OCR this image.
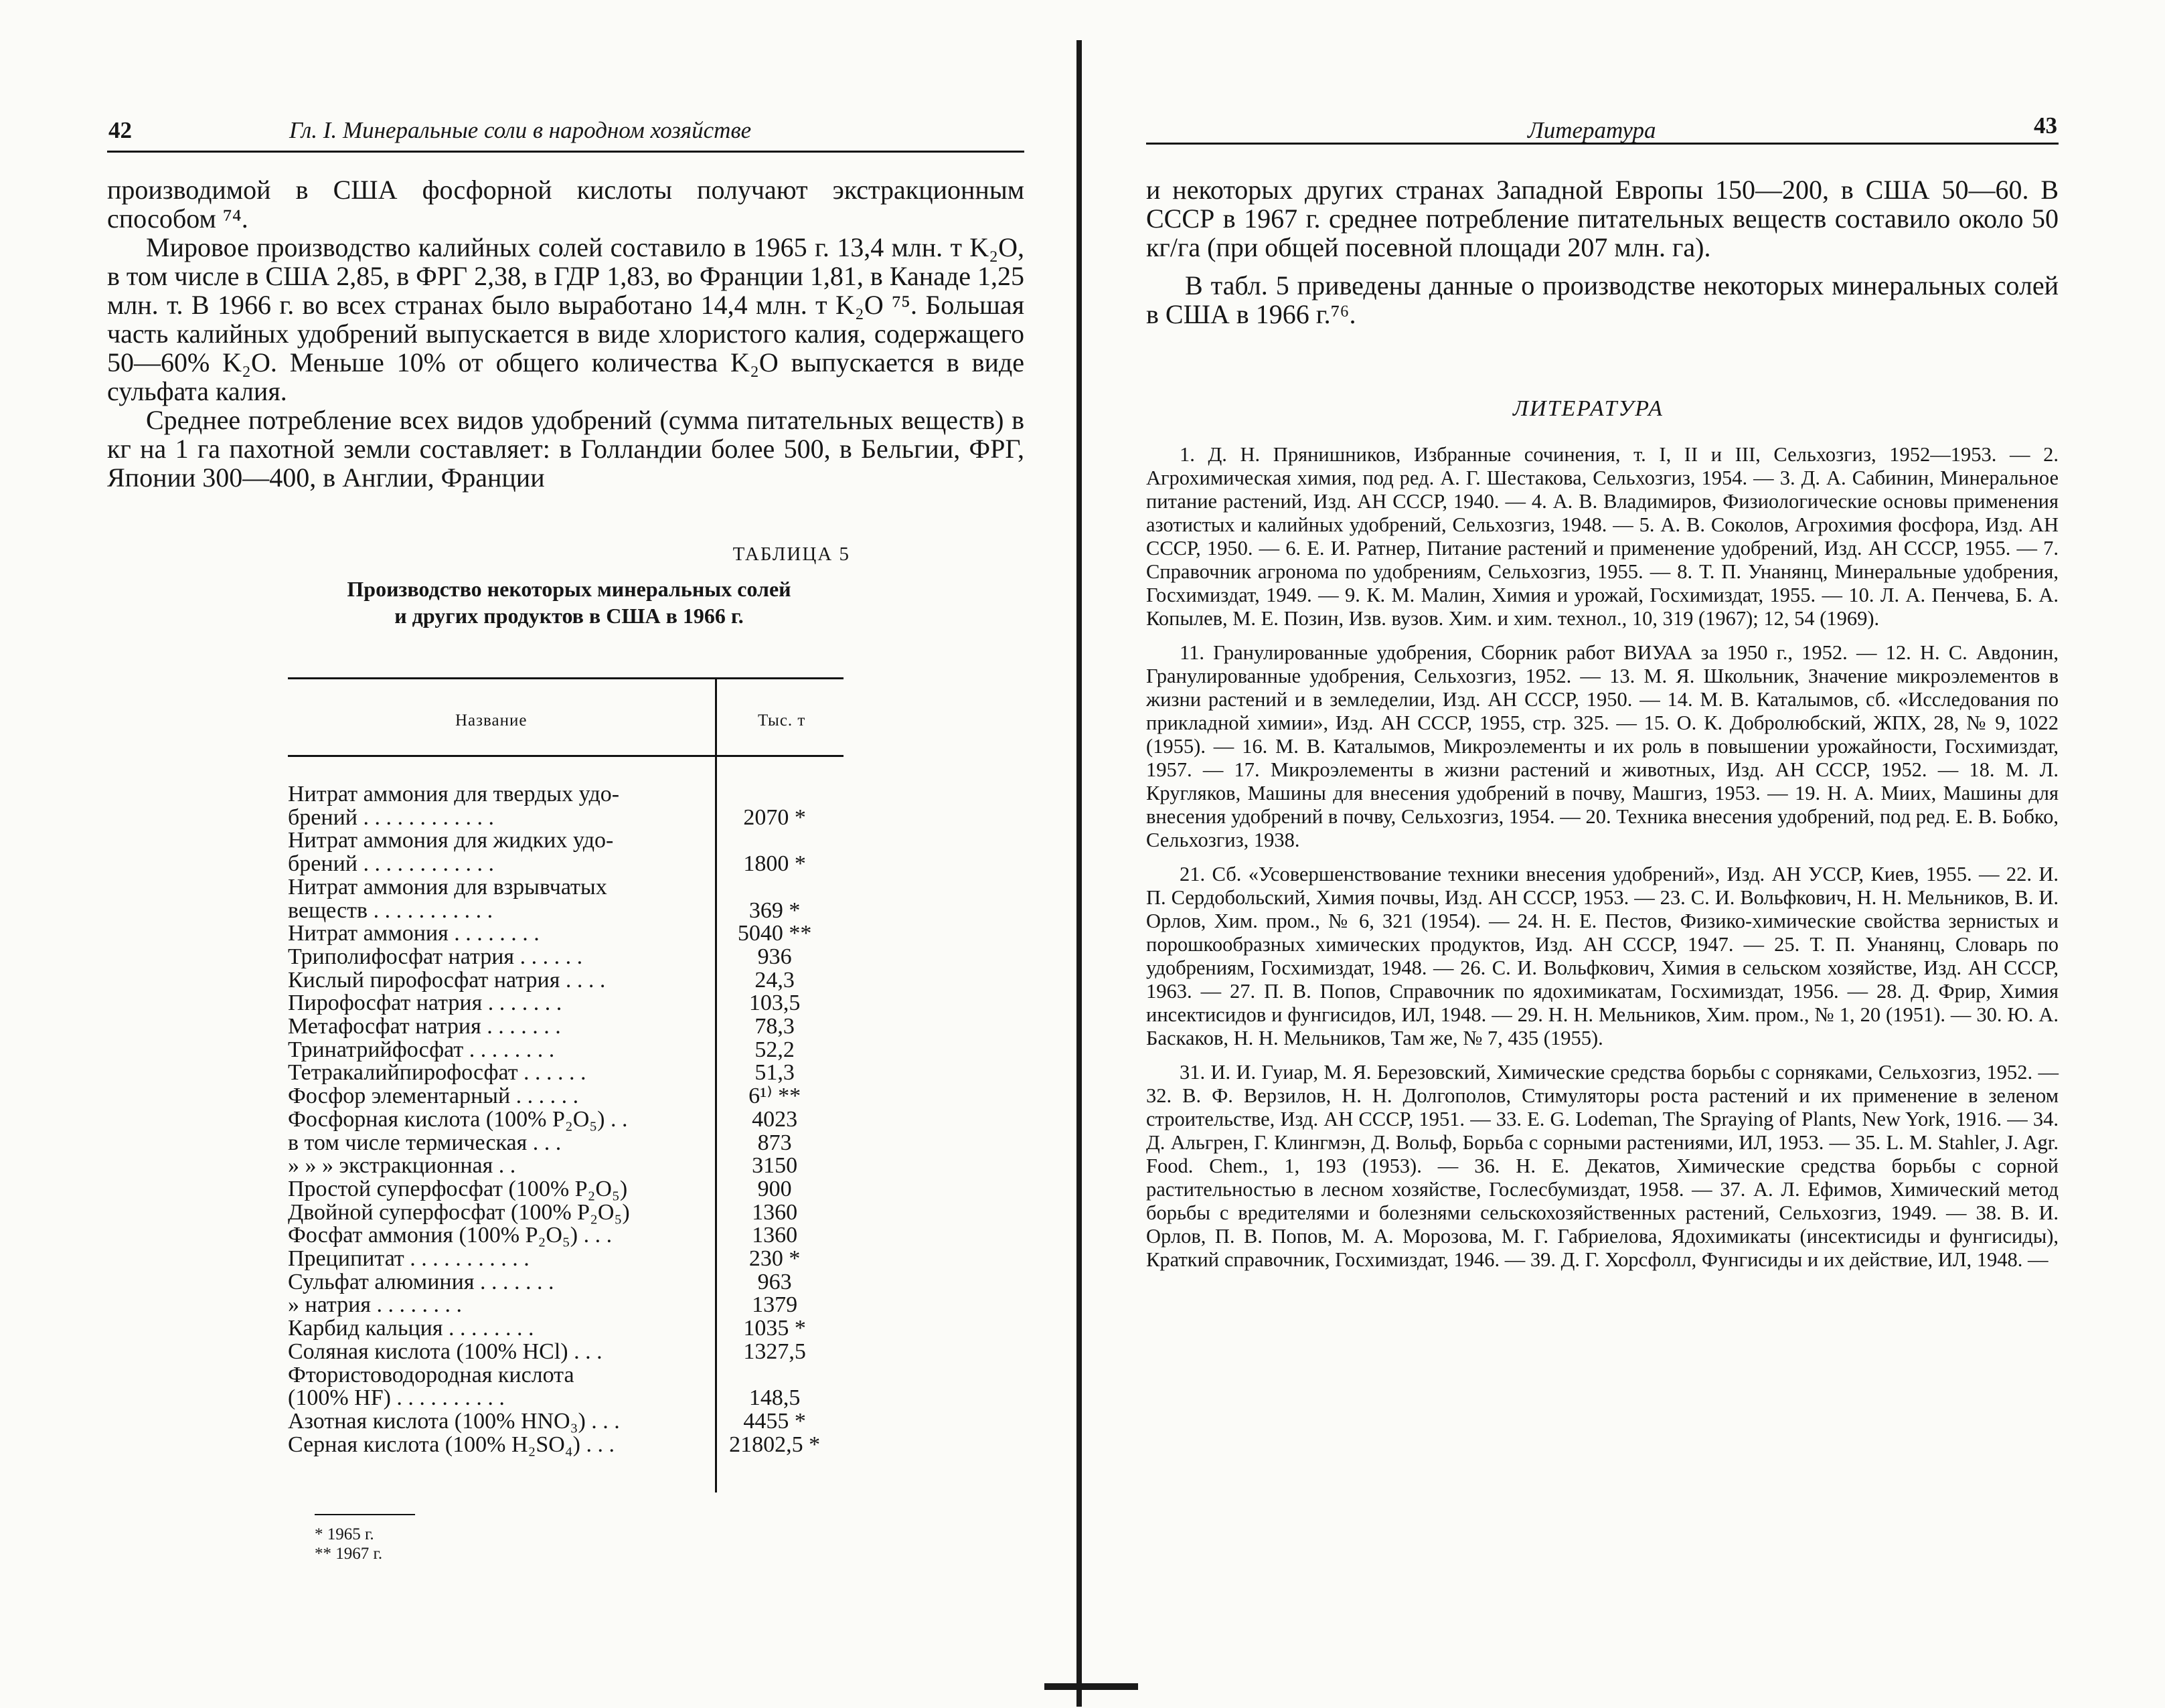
42	Гл. I. Минеральные соли в народном хозяйстве

производимой в США фосфорной кислоты получают экстракционным способом ⁷⁴.

Мировое производство калийных солей составило в 1965 г. 13,4 млн. т K₂O, в том числе в США 2,85, в ФРГ 2,38, в ГДР 1,83, во Франции 1,81, в Канаде 1,25 млн. т. В 1966 г. во всех странах было выработано 14,4 млн. т K₂O ⁷⁵. Большая часть калийных удобрений выпускается в виде хлористого калия, содержащего 50—60% K₂O. Меньше 10% от общего количества K₂O выпускается в виде сульфата калия.

Среднее потребление всех видов удобрений (сумма питательных веществ) в кг на 1 га пахотной земли составляет: в Голландии более 500, в Бельгии, ФРГ, Японии 300—400, в Англии, Франции

ТАБЛИЦА 5
Производство некоторых минеральных солей
и других продуктов в США в 1966 г.
Название	Тыс. т
Нитрат аммония для твердых удо-
брений . . . . . . . . . . . .	2070 *
Нитрат аммония для жидких удо-
брений . . . . . . . . . . . .	1800 *
Нитрат аммония для взрывчатых
веществ . . . . . . . . . . .	369 *
Нитрат аммония . . . . . . . .	5040 **
Триполифосфат натрия . . . . . .	936
Кислый пирофосфат натрия . . . .	24,3
Пирофосфат натрия . . . . . . .	103,5
Метафосфат натрия . . . . . . .	78,3
Тринатрийфосфат . . . . . . . .	52,2
Тетракалийпирофосфат . . . . . .	51,3
Фосфор элементарный . . . . . .	6¹⁾ **
Фосфорная кислота (100% P₂O₅) . .	4023
в том числе термическая . . .	873
» » » экстракционная . .	3150
Простой суперфосфат (100% P₂O₅)	900
Двойной суперфосфат (100% P₂O₅)	1360
Фосфат аммония (100% P₂O₅) . . .	1360
Преципитат . . . . . . . . . . .	230 *
Сульфат алюминия . . . . . . .	963
» натрия . . . . . . . .	1379
Карбид кальция . . . . . . . .	1035 *
Соляная кислота (100% HCl) . . .	1327,5
Фтористоводородная кислота
(100% HF) . . . . . . . . . .	148,5
Азотная кислота (100% HNO₃) . . .	4455 *
Серная кислота (100% H₂SO₄) . . .	21802,5 *
* 1965 г.
** 1967 г.
Литература	43

и некоторых других странах Западной Европы 150—200, в США 50—60. В СССР в 1967 г. среднее потребление питательных веществ составило около 50 кг/га (при общей посевной площади 207 млн. га).

В табл. 5 приведены данные о производстве некоторых минеральных солей в США в 1966 г.⁷⁶.

ЛИТЕРАТУРА

1. Д. Н. Прянишников, Избранные сочинения, т. I, II и III, Сельхозгиз, 1952—1953. — 2. Агрохимическая химия, под ред. А. Г. Шестакова, Сельхозгиз, 1954. — 3. Д. А. Сабинин, Минеральное питание растений, Изд. АН СССР, 1940. — 4. А. В. Владимиров, Физиологические основы применения азотистых и калийных удобрений, Сельхозгиз, 1948. — 5. А. В. Соколов, Агрохимия фосфора, Изд. АН СССР, 1950. — 6. Е. И. Ратнер, Питание растений и применение удобрений, Изд. АН СССР, 1955. — 7. Справочник агронома по удобрениям, Сельхозгиз, 1955. — 8. Т. П. Унанянц, Минеральные удобрения, Госхимиздат, 1949. — 9. К. М. Малин, Химия и урожай, Госхимиздат, 1955. — 10. Л. А. Пенчева, Б. А. Копылев, М. Е. Позин, Изв. вузов. Хим. и хим. технол., 10, 319 (1967); 12, 54 (1969).

11. Гранулированные удобрения, Сборник работ ВИУАА за 1950 г., 1952. — 12. Н. С. Авдонин, Гранулированные удобрения, Сельхозгиз, 1952. — 13. М. Я. Школьник, Значение микроэлементов в жизни растений и в земледелии, Изд. АН СССР, 1950. — 14. М. В. Каталымов, сб. «Исследования по прикладной химии», Изд. АН СССР, 1955, стр. 325. — 15. О. К. Добролюбский, ЖПХ, 28, № 9, 1022 (1955). — 16. М. В. Каталымов, Микроэлементы и их роль в повышении урожайности, Госхимиздат, 1957. — 17. Микроэлементы в жизни растений и животных, Изд. АН СССР, 1952. — 18. М. Л. Кругляков, Машины для внесения удобрений в почву, Машгиз, 1953. — 19. Н. А. Миих, Машины для внесения удобрений в почву, Сельхозгиз, 1954. — 20. Техника внесения удобрений, под ред. Е. В. Бобко, Сельхозгиз, 1938.

21. Сб. «Усовершенствование техники внесения удобрений», Изд. АН УССР, Киев, 1955. — 22. И. П. Сердобольский, Химия почвы, Изд. АН СССР, 1953. — 23. С. И. Вольфкович, Н. Н. Мельников, В. И. Орлов, Хим. пром., № 6, 321 (1954). — 24. Н. Е. Пестов, Физико-химические свойства зернистых и порошкообразных химических продуктов, Изд. АН СССР, 1947. — 25. Т. П. Унанянц, Словарь по удобрениям, Госхимиздат, 1948. — 26. С. И. Вольфкович, Химия в сельском хозяйстве, Изд. АН СССР, 1963. — 27. П. В. Попов, Справочник по ядохимикатам, Госхимиздат, 1956. — 28. Д. Фрир, Химия инсектисидов и фунгисидов, ИЛ, 1948. — 29. Н. Н. Мельников, Хим. пром., № 1, 20 (1951). — 30. Ю. А. Баскаков, Н. Н. Мельников, Там же, № 7, 435 (1955).

31. И. И. Гуиар, М. Я. Березовский, Химические средства борьбы с сорняками, Сельхозгиз, 1952. — 32. В. Ф. Верзилов, Н. Н. Долгополов, Стимуляторы роста растений и их применение в зеленом строительстве, Изд. АН СССР, 1951. — 33. E. G. Lodeman, The Spraying of Plants, New York, 1916. — 34. Д. Альгрен, Г. Клингмэн, Д. Вольф, Борьба с сорными растениями, ИЛ, 1953. — 35. L. M. Stahler, J. Agr. Food. Chem., 1, 193 (1953). — 36. Н. Е. Декатов, Химические средства борьбы с сорной растительностью в лесном хозяйстве, Гослесбумиздат, 1958. — 37. А. Л. Ефимов, Химический метод борьбы с вредителями и болезнями сельскохозяйственных растений, Сельхозгиз, 1949. — 38. В. И. Орлов, П. В. Попов, М. А. Морозова, М. Г. Габриелова, Ядохимикаты (инсектисиды и фунгисиды), Краткий справочник, Госхимиздат, 1946. — 39. Д. Г. Хорсфолл, Фунгисиды и их действие, ИЛ, 1948. —
